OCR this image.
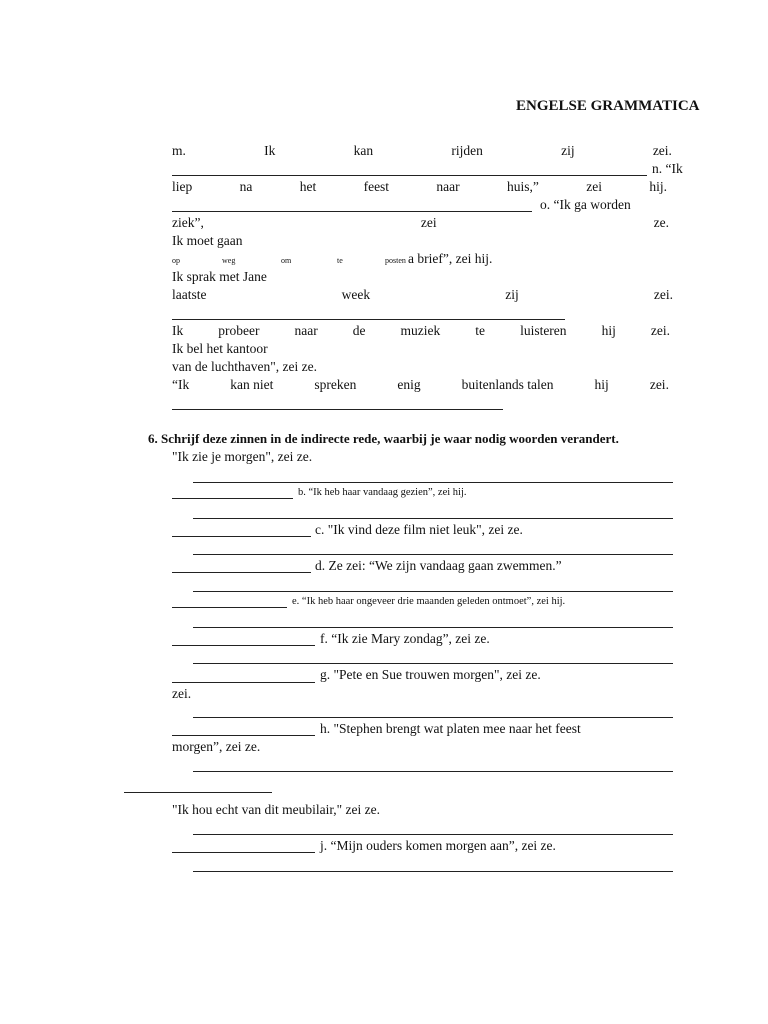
ENGELSE GRAMMATICA
m.	Ik	kan	rijden	zij	zei.
n. “Ik
liep	na	het	feest	naar	huis,”	zei	hij.
o. “Ik ga worden
ziek”,	zei	ze.
Ik moet gaan
op	weg	om	te	posten a brief”, zei hij.
Ik sprak met Jane
laatste	week	zij	zei.
Ik	probeer	naar	de	muziek	te	luisteren	hij	zei.
Ik bel het kantoor
van de luchthaven", zei ze.
“Ik	kan niet	spreken	enig	buitenlands talen	hij	zei.
6. Schrijf deze zinnen in de indirecte rede, waarbij je waar nodig woorden verandert.
"Ik zie je morgen", zei ze.
b. “Ik heb haar vandaag gezien”, zei hij.
c. "Ik vind deze film niet leuk", zei ze.
d. Ze zei: “We zijn vandaag gaan zwemmen.”
e. “Ik heb haar ongeveer drie maanden geleden ontmoet”, zei hij.
f. “Ik zie Mary zondag”, zei ze.
g. "Pete en Sue trouwen morgen", zei ze.
zei.
h. "Stephen brengt wat platen mee naar het feest
morgen”, zei ze.
"Ik hou echt van dit meubilair," zei ze.
j. “Mijn ouders komen morgen aan”, zei ze.
